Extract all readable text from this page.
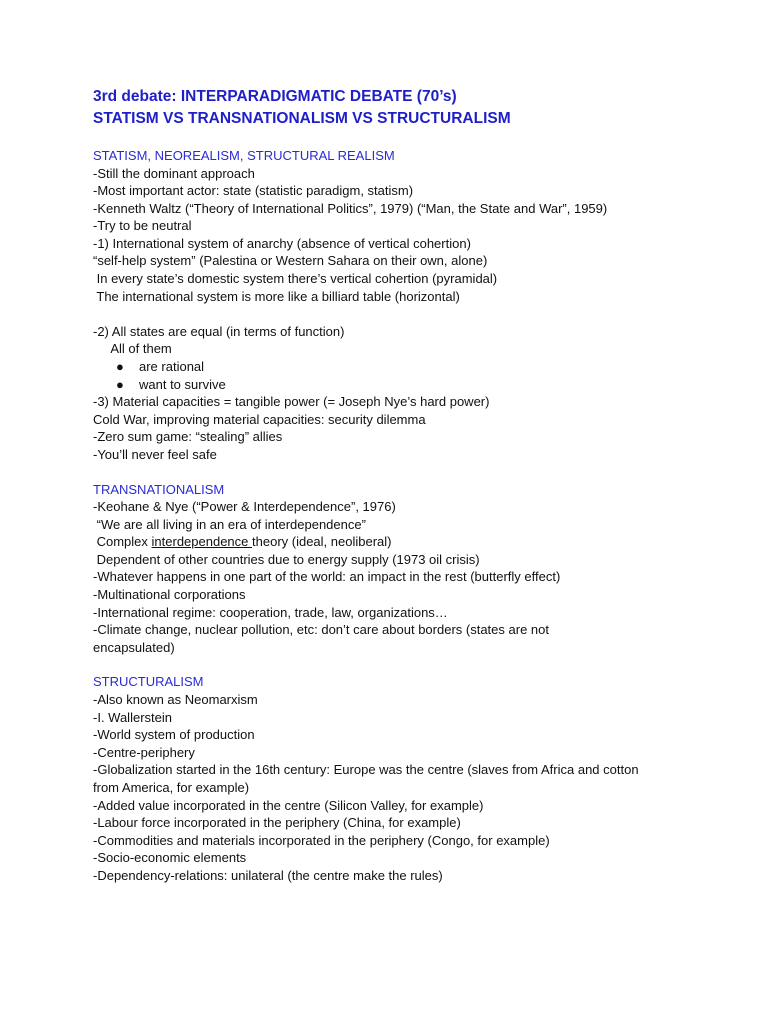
3rd debate: INTERPARADIGMATIC DEBATE (70’s)
STATISM VS TRANSNATIONALISM VS STRUCTURALISM
STATISM, NEOREALISM, STRUCTURAL REALISM
-Still the dominant approach
-Most important actor: state (statistic paradigm, statism)
-Kenneth Waltz (“Theory of International Politics”, 1979) (“Man, the State and War”, 1959)
-Try to be neutral
-1) International system of anarchy (absence of vertical cohertion)
“self-help system” (Palestina or Western Sahara on their own, alone)
In every state’s domestic system there’s vertical cohertion (pyramidal)
The international system is more like a billiard table (horizontal)
-2) All states are equal (in terms of function)
All of them
● are rational
● want to survive
-3) Material capacities = tangible power (= Joseph Nye’s hard power)
Cold War, improving material capacities: security dilemma
-Zero sum game: “stealing” allies
-You’ll never feel safe
TRANSNATIONALISM
-Keohane & Nye (“Power & Interdependence”, 1976)
“We are all living in an era of interdependence”
Complex interdependence theory (ideal, neoliberal)
Dependent of other countries due to energy supply (1973 oil crisis)
-Whatever happens in one part of the world: an impact in the rest (butterfly effect)
-Multinational corporations
-International regime: cooperation, trade, law, organizations…
-Climate change, nuclear pollution, etc: don’t care about borders (states are not encapsulated)
STRUCTURALISM
-Also known as Neomarxism
-I. Wallerstein
-World system of production
-Centre-periphery
-Globalization started in the 16th century: Europe was the centre (slaves from Africa and cotton from America, for example)
-Added value incorporated in the centre (Silicon Valley, for example)
-Labour force incorporated in the periphery (China, for example)
-Commodities and materials incorporated in the periphery (Congo, for example)
-Socio-economic elements
-Dependency-relations: unilateral (the centre make the rules)
